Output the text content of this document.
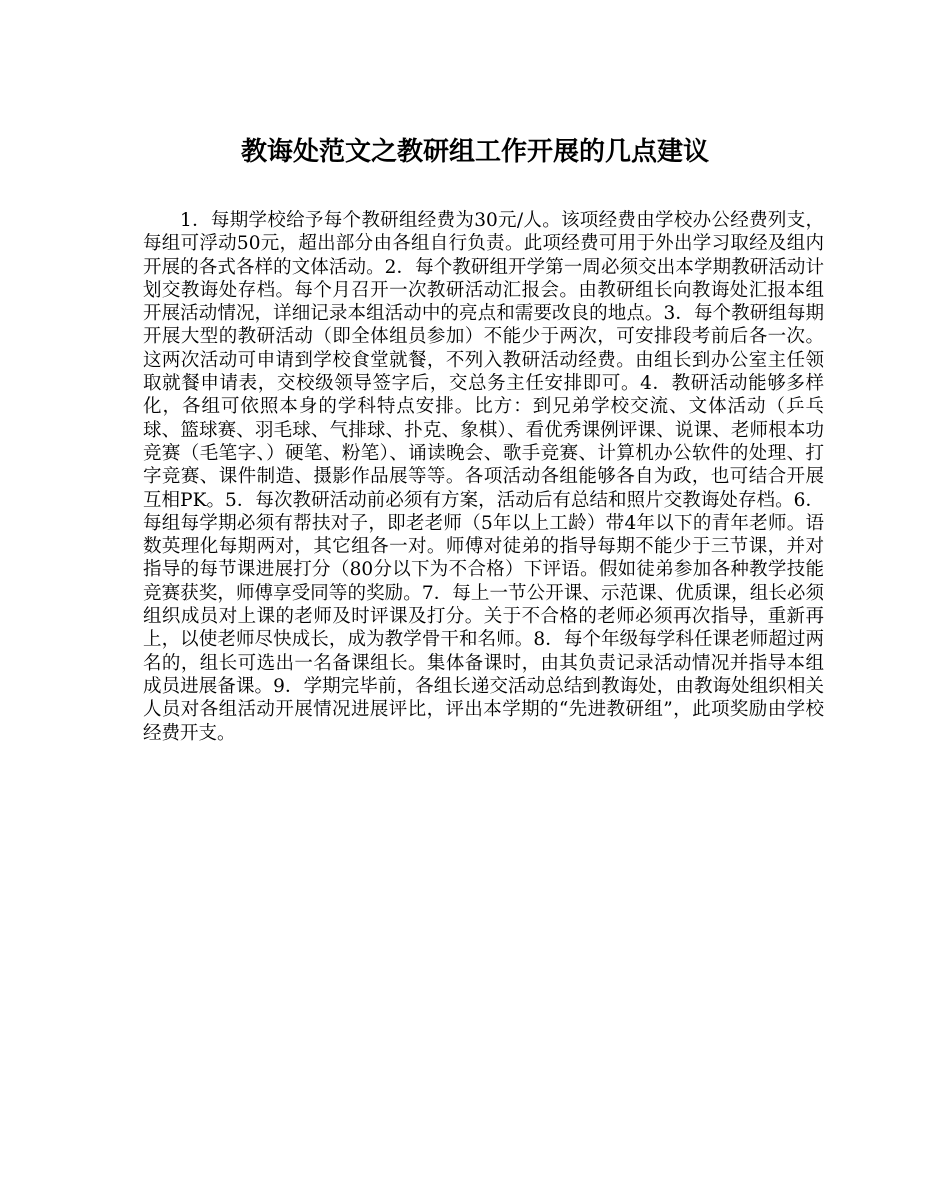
教诲处范文之教研组工作开展的几点建议

1．每期学校给予每个教研组经费为30元/人。该项经费由学校办公经费列支，每组可浮动50元，超出部分由各组自行负责。此项经费可用于外出学习取经及组内开展的各式各样的文体活动。2．每个教研组开学第一周必须交出本学期教研活动计划交教诲处存档。每个月召开一次教研活动汇报会。由教研组长向教诲处汇报本组开展活动情况，详细记录本组活动中的亮点和需要改良的地点。3．每个教研组每期开展大型的教研活动（即全体组员参加）不能少于两次，可安排段考前后各一次。这两次活动可申请到学校食堂就餐，不列入教研活动经费。由组长到办公室主任领取就餐申请表，交校级领导签字后，交总务主任安排即可。4．教研活动能够多样化，各组可依照本身的学科特点安排。比方：到兄弟学校交流、文体活动（乒乓球、篮球赛、羽毛球、气排球、扑克、象棋）、看优秀课例评课、说课、老师根本功竞赛（毛笔字、）硬笔、粉笔）、诵读晚会、歌手竞赛、计算机办公软件的处理、打字竞赛、课件制造、摄影作品展等等。各项活动各组能够各自为政，也可结合开展互相PK。5．每次教研活动前必须有方案，活动后有总结和照片交教诲处存档。6．每组每学期必须有帮扶对子，即老老师（5年以上工龄）带4年以下的青年老师。语数英理化每期两对，其它组各一对。师傅对徒弟的指导每期不能少于三节课，并对指导的每节课进展打分（80分以下为不合格）下评语。假如徒弟参加各种教学技能竞赛获奖，师傅享受同等的奖励。7．每上一节公开课、示范课、优质课，组长必须组织成员对上课的老师及时评课及打分。关于不合格的老师必须再次指导，重新再上，以使老师尽快成长，成为教学骨干和名师。8．每个年级每学科任课老师超过两名的，组长可选出一名备课组长。集体备课时，由其负责记录活动情况并指导本组成员进展备课。9．学期完毕前，各组长递交活动总结到教诲处，由教诲处组织相关人员对各组活动开展情况进展评比，评出本学期的“先进教研组”，此项奖励由学校经费开支。
